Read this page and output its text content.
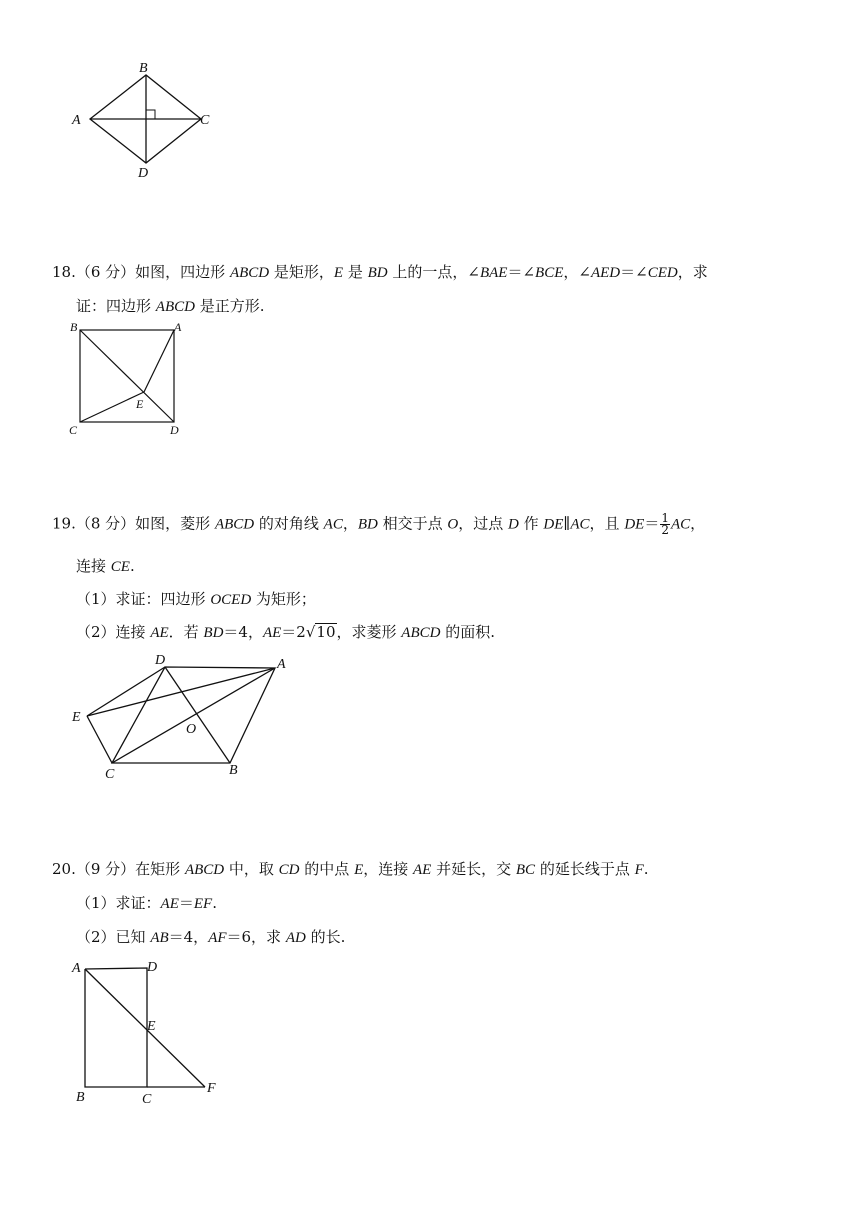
B
A	C
D
18.（6 分）如图，四边形 ABCD 是矩形，E 是 BD 上的一点，∠BAE＝∠BCE，∠AED＝∠CED，求
证：四边形 ABCD 是正方形.
B	A
E
C	D
19.（8 分）如图，菱形 ABCD 的对角线 AC，BD 相交于点 O，过点 D 作 DE∥AC，且 $DE= \frac{1}{2}$ AC，
连接 CE.
（1）求证：四边形 OCED 为矩形；
（2）连接 AE．若 BD＝4，AE＝2√10，求菱形 ABCD 的面积.
D	A
E
O
C	B
20.（9 分）在矩形 ABCD 中，取 CD 的中点 E，连接 AE 并延长，交 BC 的延长线于点 F.
（1）求证：AE＝EF.
（2）已知 AB＝4，AF＝6，求 AD 的长.
A	D
E
B	C
F
